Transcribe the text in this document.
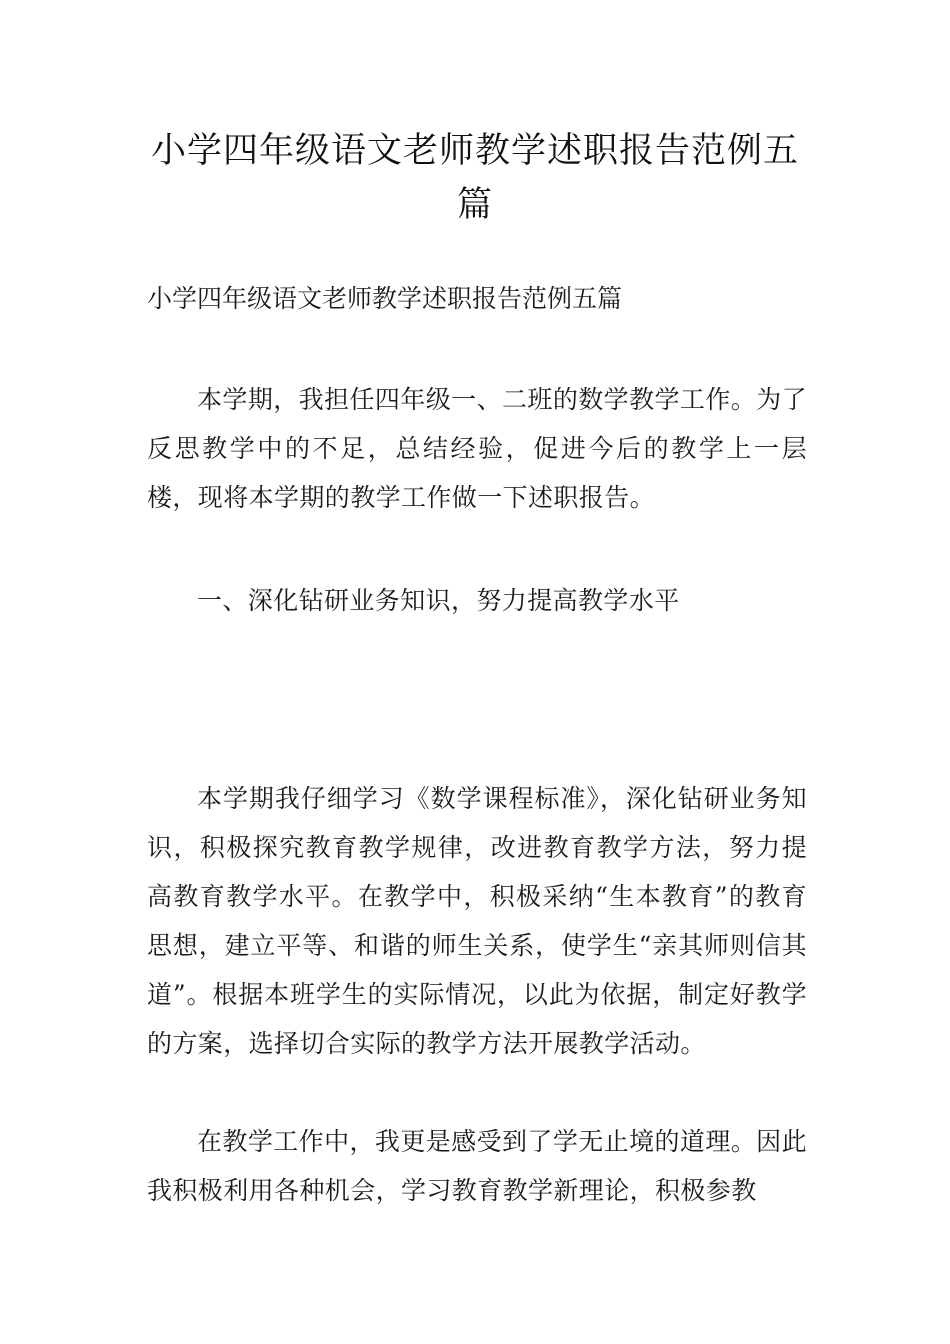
小学四年级语文老师教学述职报告范例五篇

小学四年级语文老师教学述职报告范例五篇

本学期，我担任四年级一、二班的数学教学工作。为了反思教学中的不足，总结经验，促进今后的教学上一层楼，现将本学期的教学工作做一下述职报告。

一、深化钻研业务知识，努力提高教学水平

本学期我仔细学习《数学课程标准》，深化钻研业务知识，积极探究教育教学规律，改进教育教学方法，努力提高教育教学水平。在教学中，积极采纳“生本教育”的教育思想，建立平等、和谐的师生关系，使学生“亲其师则信其道”。根据本班学生的实际情况，以此为依据，制定好教学的方案，选择切合实际的教学方法开展教学活动。

在教学工作中，我更是感受到了学无止境的道理。因此我积极利用各种机会，学习教育教学新理论，积极参教
